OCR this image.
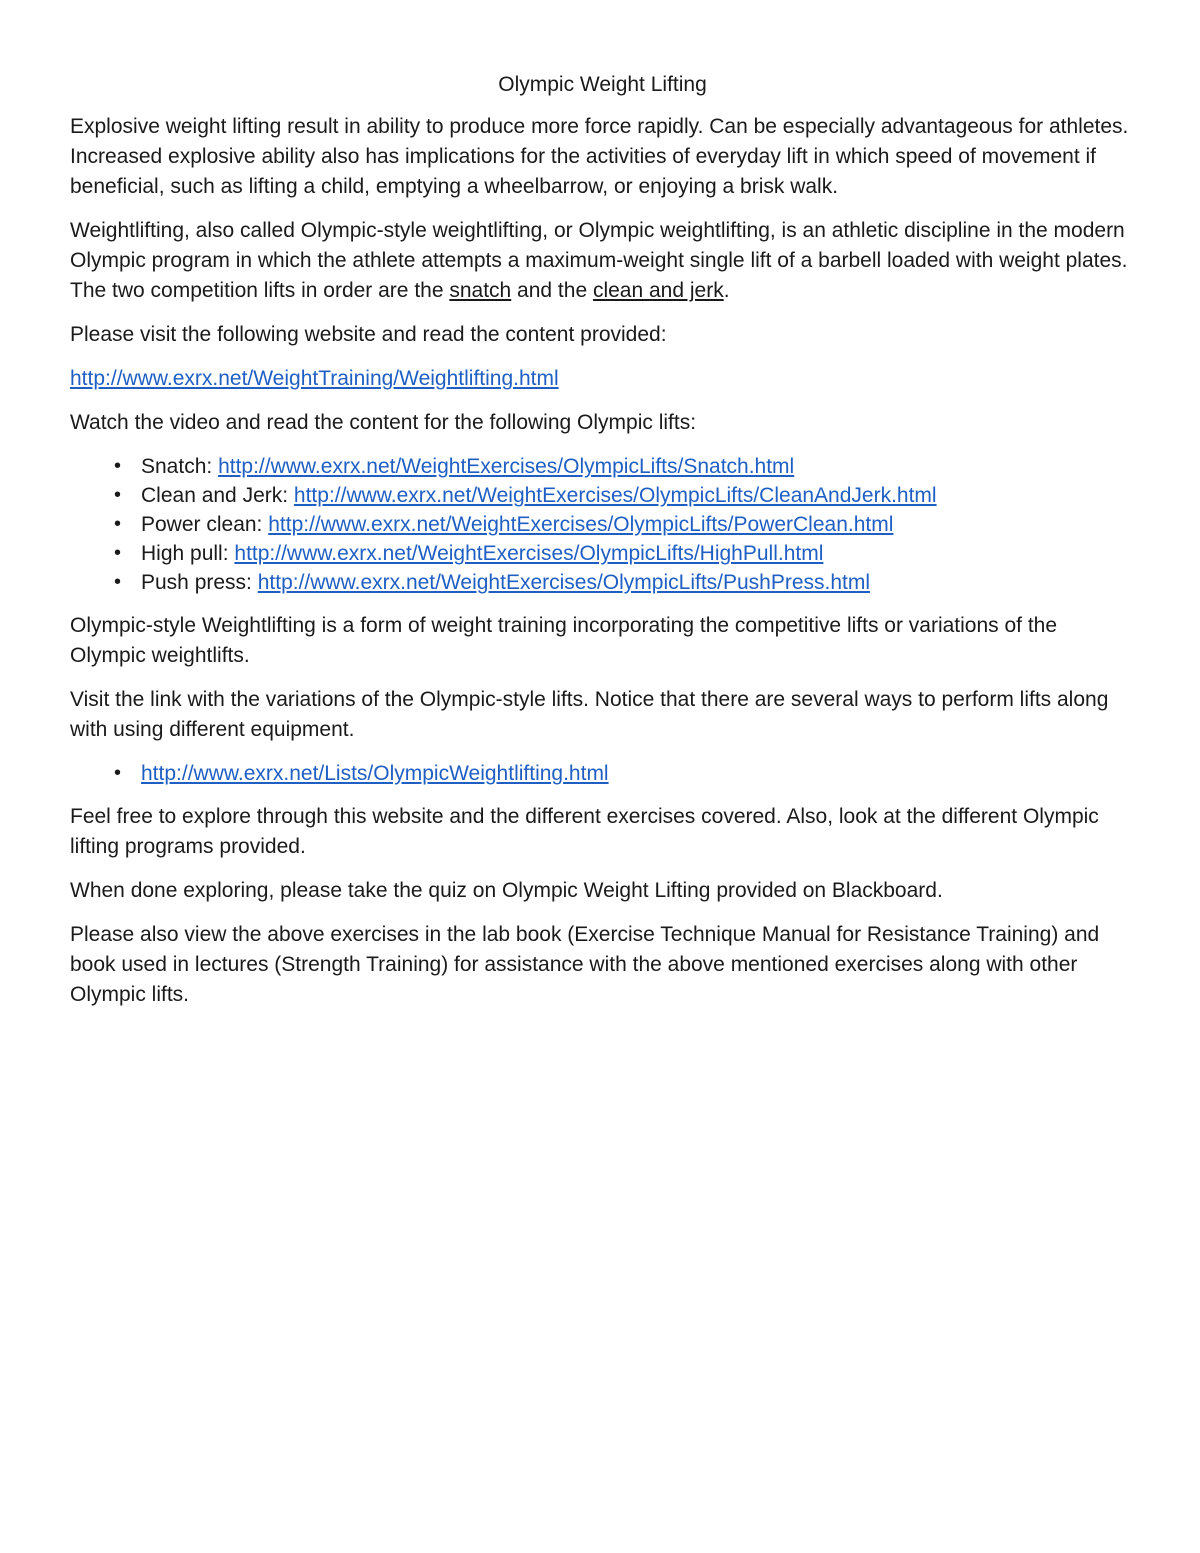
Olympic Weight Lifting

Explosive weight lifting result in ability to produce more force rapidly. Can be especially advantageous for athletes. Increased explosive ability also has implications for the activities of everyday lift in which speed of movement if beneficial, such as lifting a child, emptying a wheelbarrow, or enjoying a brisk walk.

Weightlifting, also called Olympic-style weightlifting, or Olympic weightlifting, is an athletic discipline in the modern Olympic program in which the athlete attempts a maximum-weight single lift of a barbell loaded with weight plates. The two competition lifts in order are the snatch and the clean and jerk.

Please visit the following website and read the content provided:

http://www.exrx.net/WeightTraining/Weightlifting.html

Watch the video and read the content for the following Olympic lifts:

• Snatch: http://www.exrx.net/WeightExercises/OlympicLifts/Snatch.html
• Clean and Jerk: http://www.exrx.net/WeightExercises/OlympicLifts/CleanAndJerk.html
• Power clean: http://www.exrx.net/WeightExercises/OlympicLifts/PowerClean.html
• High pull: http://www.exrx.net/WeightExercises/OlympicLifts/HighPull.html
• Push press: http://www.exrx.net/WeightExercises/OlympicLifts/PushPress.html

Olympic-style Weightlifting is a form of weight training incorporating the competitive lifts or variations of the Olympic weightlifts.

Visit the link with the variations of the Olympic-style lifts. Notice that there are several ways to perform lifts along with using different equipment.

• http://www.exrx.net/Lists/OlympicWeightlifting.html

Feel free to explore through this website and the different exercises covered. Also, look at the different Olympic lifting programs provided.

When done exploring, please take the quiz on Olympic Weight Lifting provided on Blackboard.

Please also view the above exercises in the lab book (Exercise Technique Manual for Resistance Training) and book used in lectures (Strength Training) for assistance with the above mentioned exercises along with other Olympic lifts.
